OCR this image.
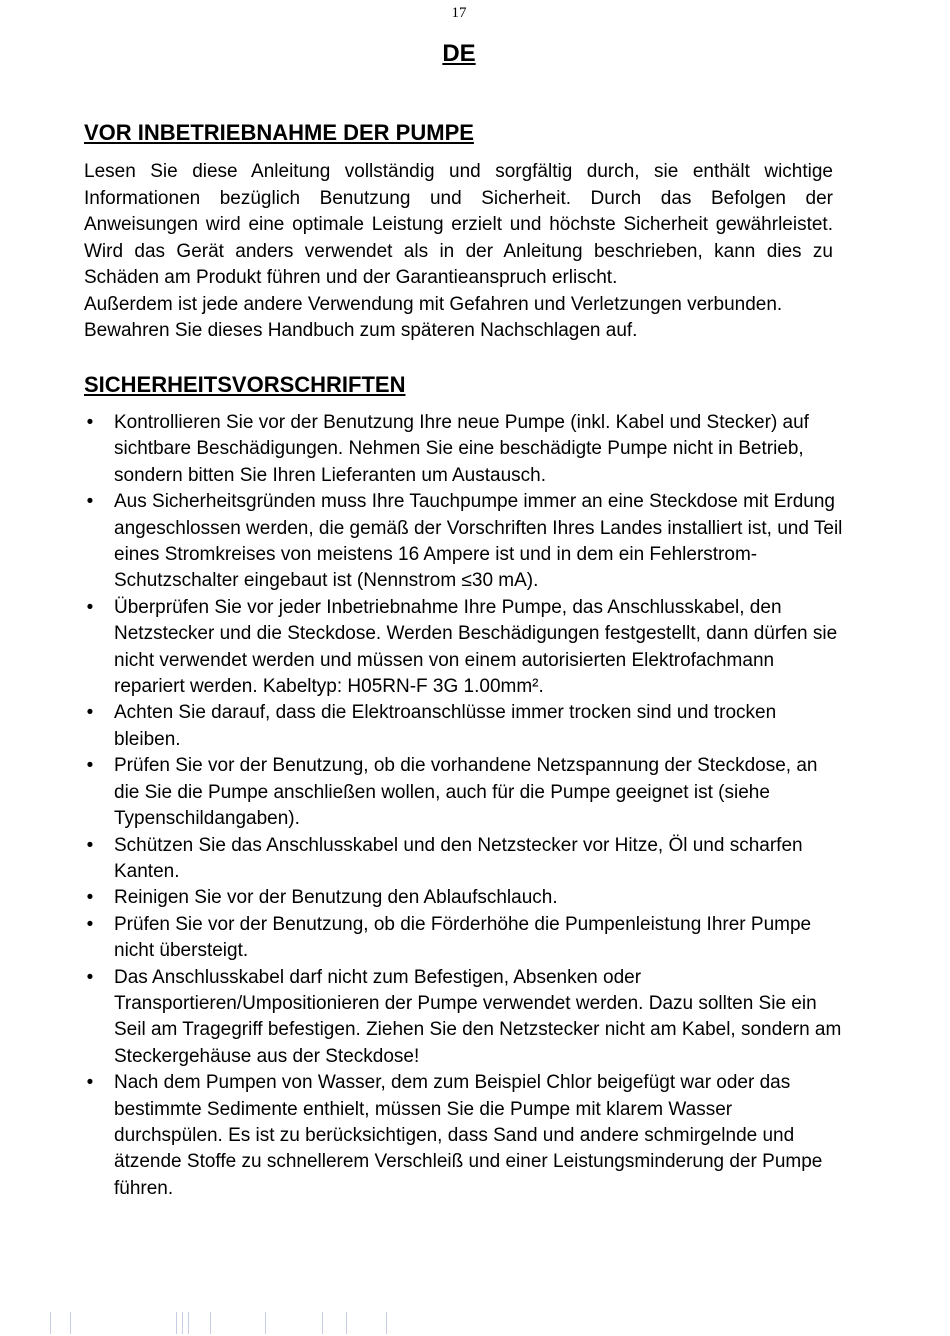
17
DE
VOR INBETRIEBNAHME DER PUMPE

Lesen Sie diese Anleitung vollständig und sorgfältig durch, sie enthält wichtige Informationen bezüglich Benutzung und Sicherheit. Durch das Befolgen der Anweisungen wird eine optimale Leistung erzielt und höchste Sicherheit gewährleistet. Wird das Gerät anders verwendet als in der Anleitung beschrieben, kann dies zu Schäden am Produkt führen und der Garantieanspruch erlischt.

Außerdem ist jede andere Verwendung mit Gefahren und Verletzungen verbunden.

Bewahren Sie dieses Handbuch zum späteren Nachschlagen auf.

SICHERHEITSVORSCHRIFTEN
• Kontrollieren Sie vor der Benutzung Ihre neue Pumpe (inkl. Kabel und Stecker) auf sichtbare Beschädigungen. Nehmen Sie eine beschädigte Pumpe nicht in Betrieb, sondern bitten Sie Ihren Lieferanten um Austausch.
• Aus Sicherheitsgründen muss Ihre Tauchpumpe immer an eine Steckdose mit Erdung angeschlossen werden, die gemäß der Vorschriften Ihres Landes installiert ist, und Teil eines Stromkreises von meistens 16 Ampere ist und in dem ein Fehlerstrom-Schutzschalter eingebaut ist (Nennstrom ≤30 mA).
• Überprüfen Sie vor jeder Inbetriebnahme Ihre Pumpe, das Anschlusskabel, den Netzstecker und die Steckdose. Werden Beschädigungen festgestellt, dann dürfen sie nicht verwendet werden und müssen von einem autorisierten Elektrofachmann repariert werden. Kabeltyp: H05RN-F 3G 1.00mm².
• Achten Sie darauf, dass die Elektroanschlüsse immer trocken sind und trocken bleiben.
• Prüfen Sie vor der Benutzung, ob die vorhandene Netzspannung der Steckdose, an die Sie die Pumpe anschließen wollen, auch für die Pumpe geeignet ist (siehe Typenschildangaben).
• Schützen Sie das Anschlusskabel und den Netzstecker vor Hitze, Öl und scharfen Kanten.
• Reinigen Sie vor der Benutzung den Ablaufschlauch.
• Prüfen Sie vor der Benutzung, ob die Förderhöhe die Pumpenleistung Ihrer Pumpe nicht übersteigt.
• Das Anschlusskabel darf nicht zum Befestigen, Absenken oder Transportieren/Umpositionieren der Pumpe verwendet werden. Dazu sollten Sie ein Seil am Tragegriff befestigen. Ziehen Sie den Netzstecker nicht am Kabel, sondern am Steckergehäuse aus der Steckdose!
• Nach dem Pumpen von Wasser, dem zum Beispiel Chlor beigefügt war oder das bestimmte Sedimente enthielt, müssen Sie die Pumpe mit klarem Wasser durchspülen. Es ist zu berücksichtigen, dass Sand und andere schmirgelnde und ätzende Stoffe zu schnellerem Verschleiß und einer Leistungsminderung der Pumpe führen.
